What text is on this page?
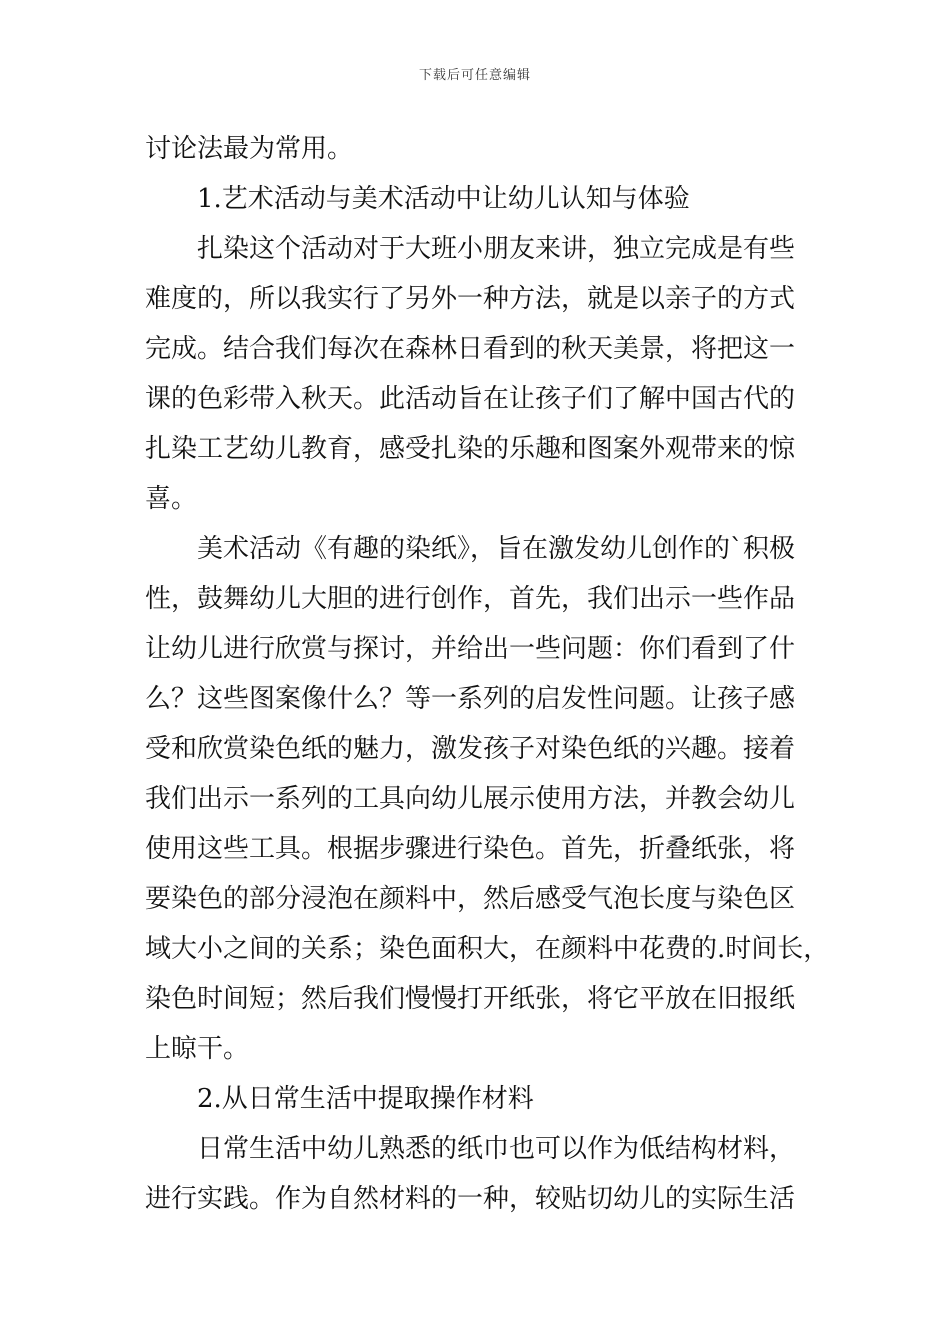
下载后可任意编辑
讨论法最为常用。
1.艺术活动与美术活动中让幼儿认知与体验
扎染这个活动对于大班小朋友来讲，独立完成是有些
难度的，所以我实行了另外一种方法，就是以亲子的方式
完成。结合我们每次在森林日看到的秋天美景，将把这一
课的色彩带入秋天。此活动旨在让孩子们了解中国古代的
扎染工艺幼儿教育，感受扎染的乐趣和图案外观带来的惊
喜。
美术活动《有趣的染纸》，旨在激发幼儿创作的`积极
性，鼓舞幼儿大胆的进行创作，首先，我们出示一些作品
让幼儿进行欣赏与探讨，并给出一些问题：你们看到了什
么？这些图案像什么？等一系列的启发性问题。让孩子感
受和欣赏染色纸的魅力，激发孩子对染色纸的兴趣。接着
我们出示一系列的工具向幼儿展示使用方法，并教会幼儿
使用这些工具。根据步骤进行染色。首先，折叠纸张，将
要染色的部分浸泡在颜料中，然后感受气泡长度与染色区
域大小之间的关系；染色面积大，在颜料中花费的.时间长，
染色时间短；然后我们慢慢打开纸张，将它平放在旧报纸
上晾干。
2.从日常生活中提取操作材料
日常生活中幼儿熟悉的纸巾也可以作为低结构材料，
进行实践。作为自然材料的一种，较贴切幼儿的实际生活
